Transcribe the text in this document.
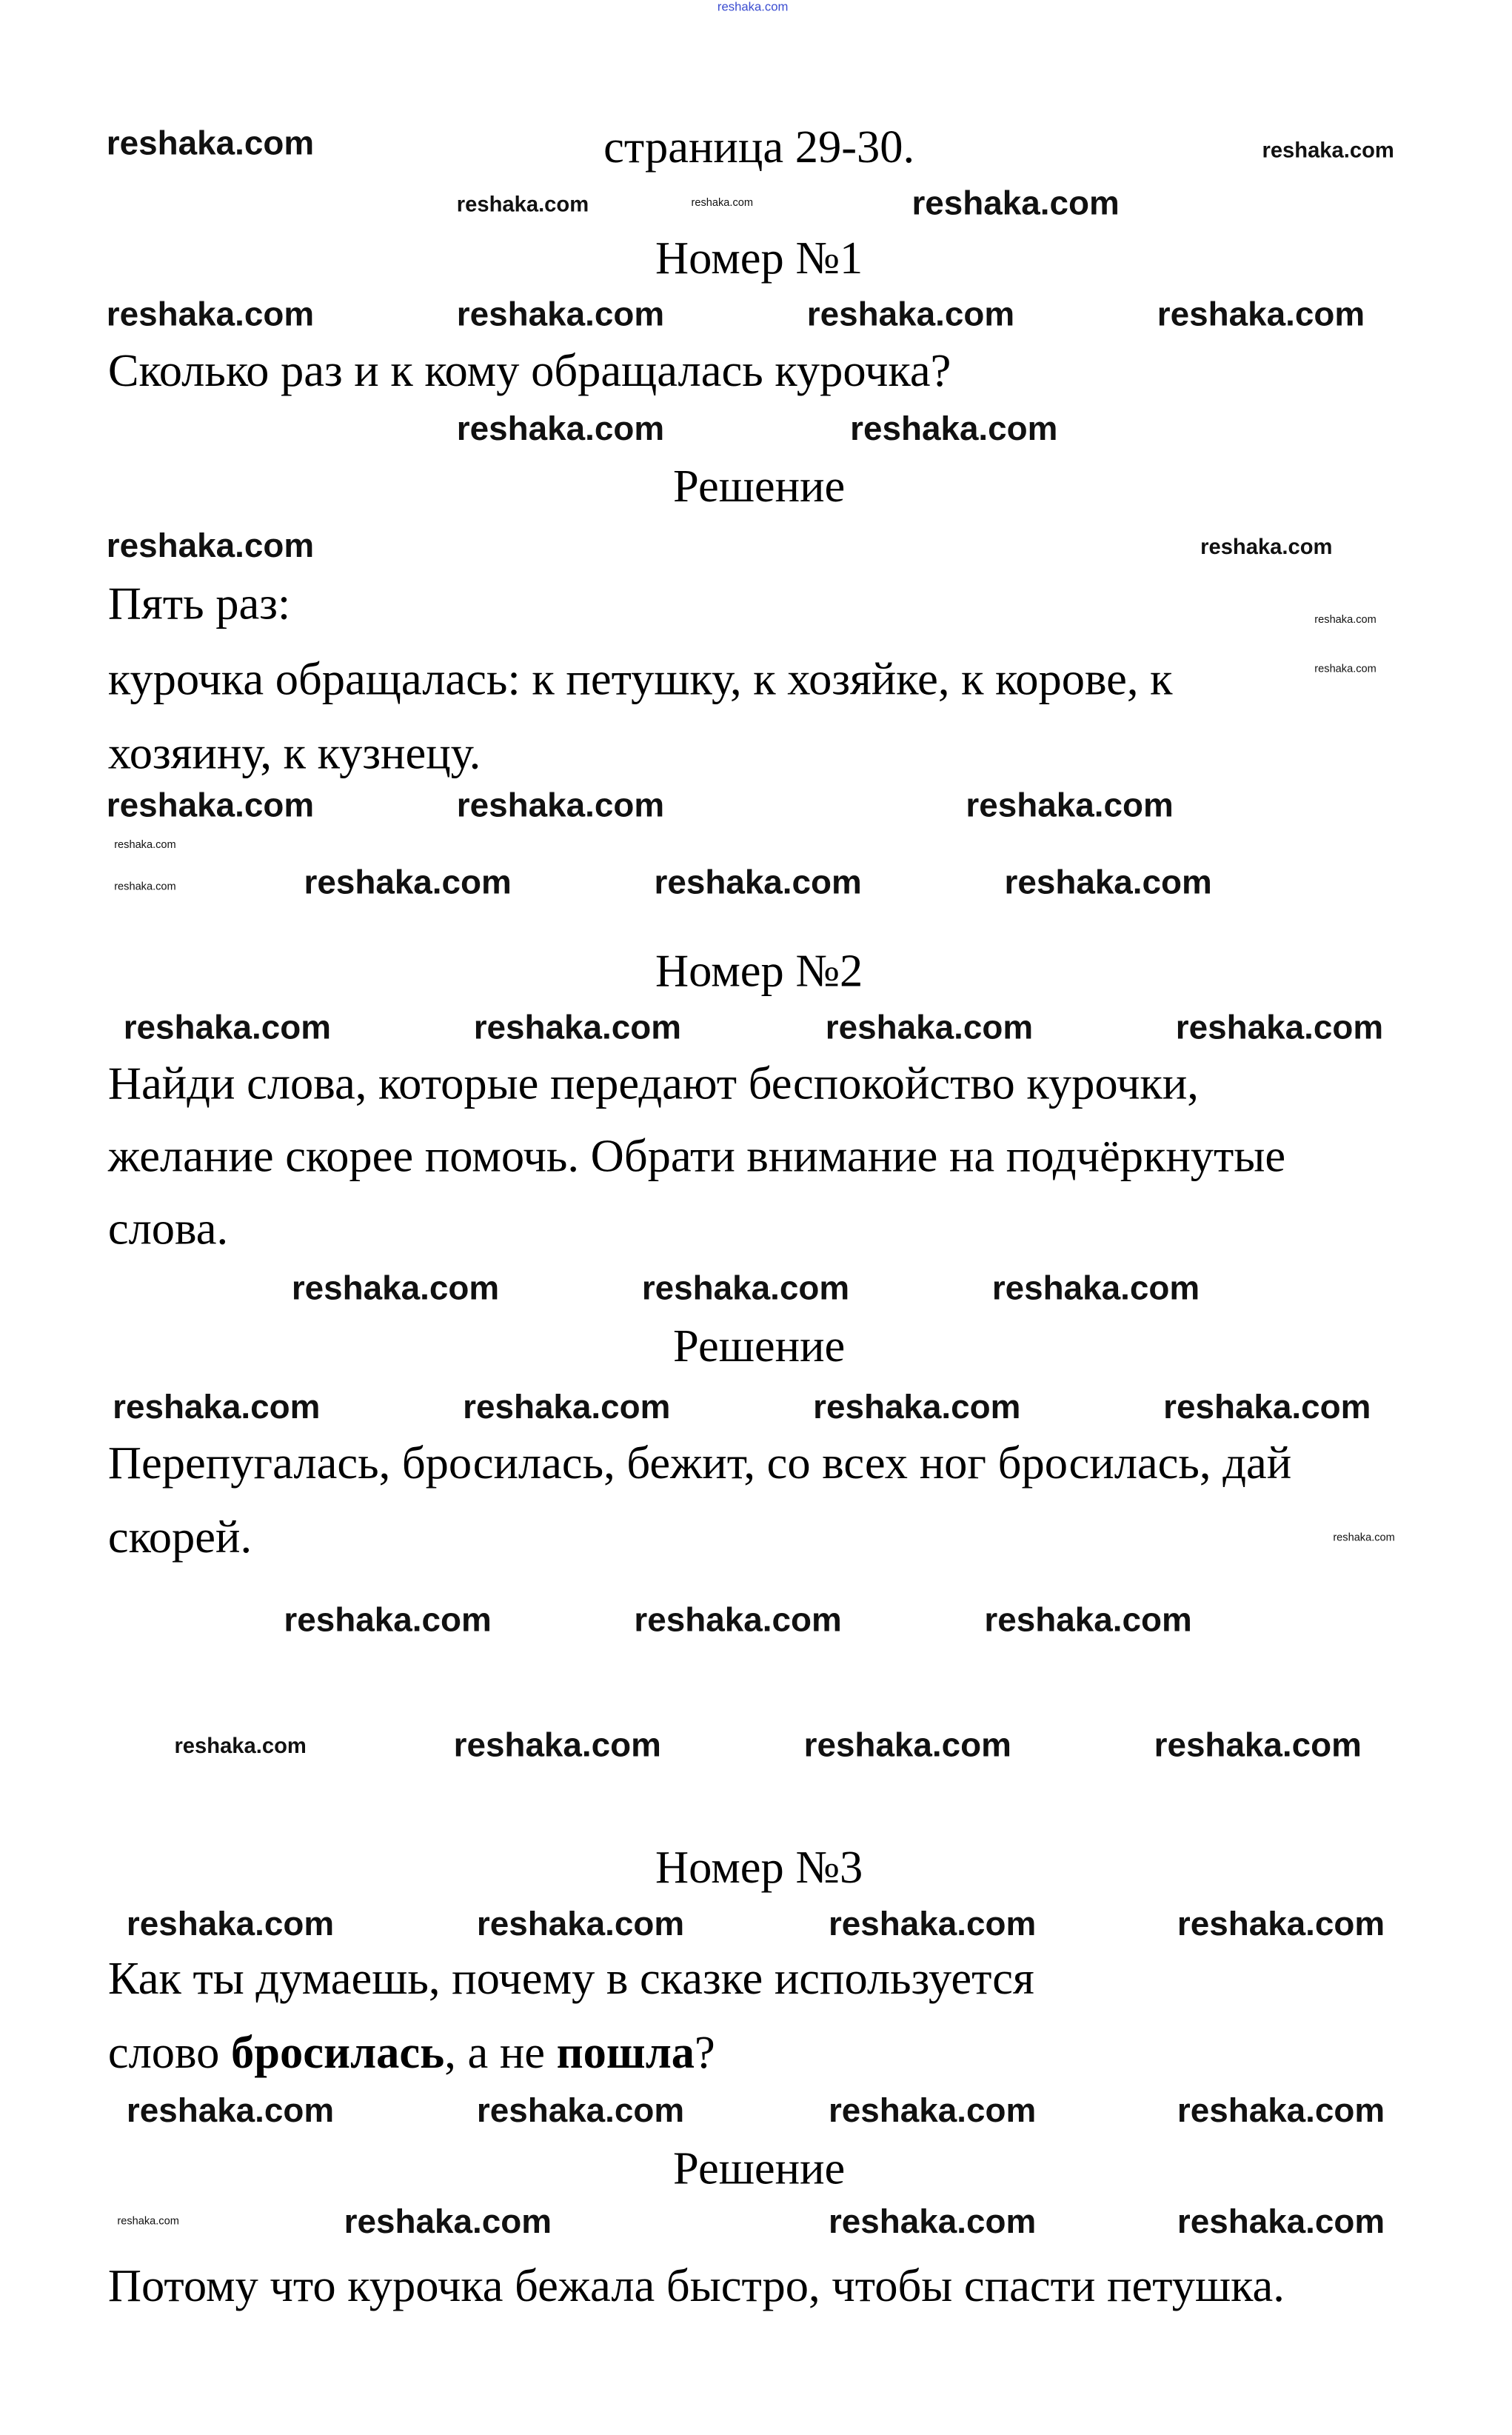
reshaka.com
страница 29-30.
Номер №1
Сколько раз и к кому обращалась курочка?
Решение
Пять раз:
курочка обращалась: к петушку, к хозяйке, к корове, к
хозяину, к кузнецу.
Номер №2
Найди слова, которые передают беспокойство курочки,
желание скорее помочь. Обрати внимание на подчёркнутые
слова.
Решение
Перепугалась, бросилась, бежит, со всех ног бросилась, дай
скорей.
Номер №3
Как ты думаешь, почему в сказке используется
слово бросилась, а не пошла?
Решение
Потому что курочка бежала быстро, чтобы спасти петушка.
reshaka.com
reshaka.com	reshaka.com	reshaka.com
reshaka.com
reshaka.com	reshaka.com	reshaka.com	reshaka.com
reshaka.com
reshaka.com	reshaka.com
reshaka.com
reshaka.com	reshaka.com	reshaka.com
reshaka.com
reshaka.com
reshaka.com
reshaka.com	reshaka.com	reshaka.com	reshaka.com
reshaka.com	reshaka.com	reshaka.com	reshaka.com
reshaka.com	reshaka.com	reshaka.com
reshaka.com	reshaka.com	reshaka.com	reshaka.com
reshaka.com
reshaka.com	reshaka.com	reshaka.com
reshaka.com	reshaka.com	reshaka.com	reshaka.com
reshaka.com	reshaka.com	reshaka.com	reshaka.com
reshaka.com	reshaka.com	reshaka.com	reshaka.com
reshaka.com	reshaka.com	reshaka.com	reshaka.com
